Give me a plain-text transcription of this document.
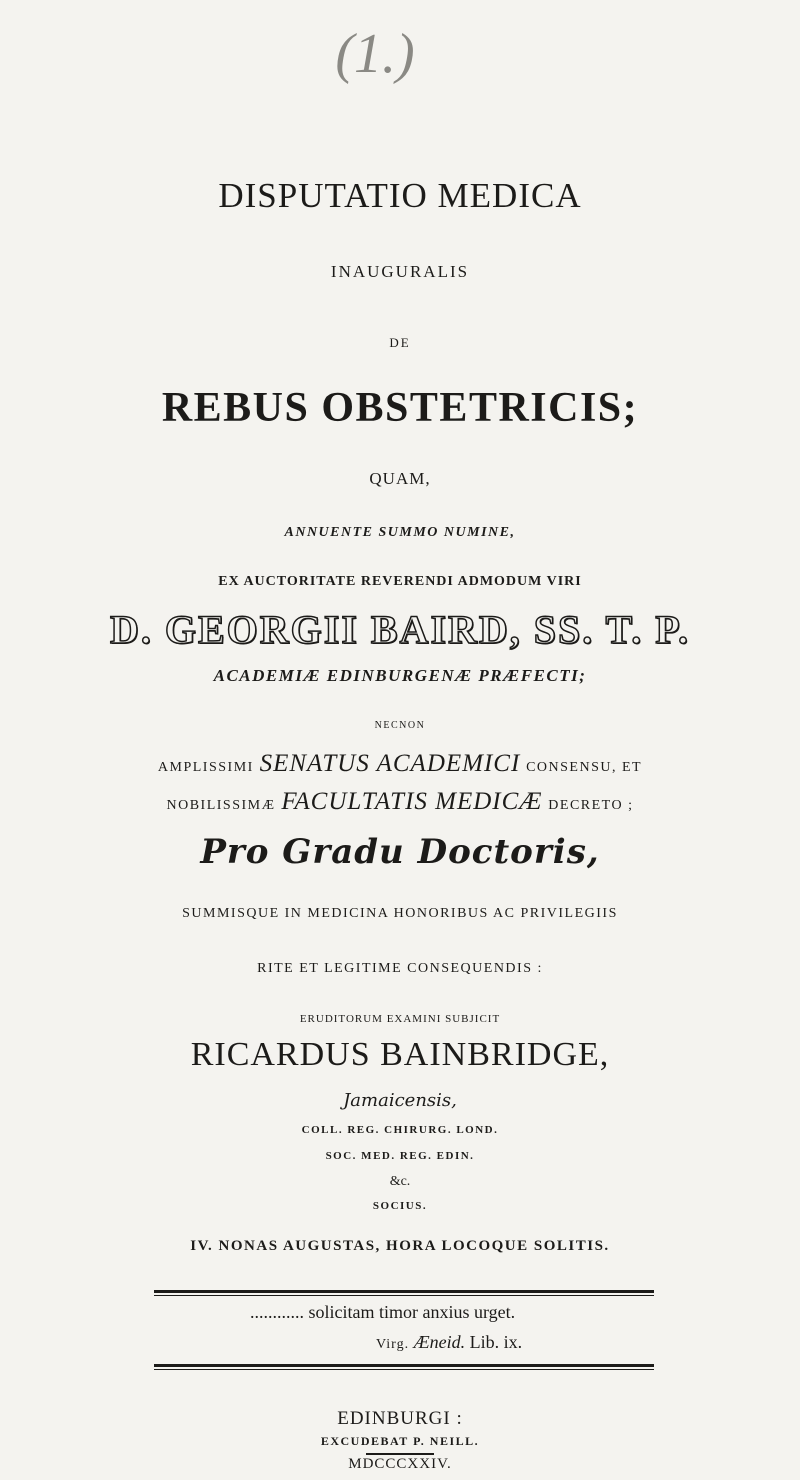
(1.)
DISPUTATIO MEDICA
INAUGURALIS
DE
REBUS OBSTETRICIS;
QUAM,
ANNUENTE SUMMO NUMINE,
EX AUCTORITATE REVERENDI ADMODUM VIRI
D. GEORGII BAIRD, SS. T. P.
ACADEMIÆ EDINBURGENÆ PRÆFECTI;
NECNON
AMPLISSIMI SENATUS ACADEMICI CONSENSU, ET
NOBILISSIMÆ FACULTATIS MEDICÆ DECRETO ;
Pro Gradu Doctoris,
SUMMISQUE IN MEDICINA HONORIBUS AC PRIVILEGIIS
RITE ET LEGITIME CONSEQUENDIS :
ERUDITORUM EXAMINI SUBJICIT
RICARDUS BAINBRIDGE,
Jamaicensis,
COLL. REG. CHIRURG. LOND.
SOC. MED. REG. EDIN.
&c.
SOCIUS.
IV. NONAS AUGUSTAS, HORA LOCOQUE SOLITIS.
............ solicitam timor anxius urget.
Virg. Æneid. Lib. ix.
EDINBURGI :
EXCUDEBAT P. NEILL.
MDCCCXXIV.
